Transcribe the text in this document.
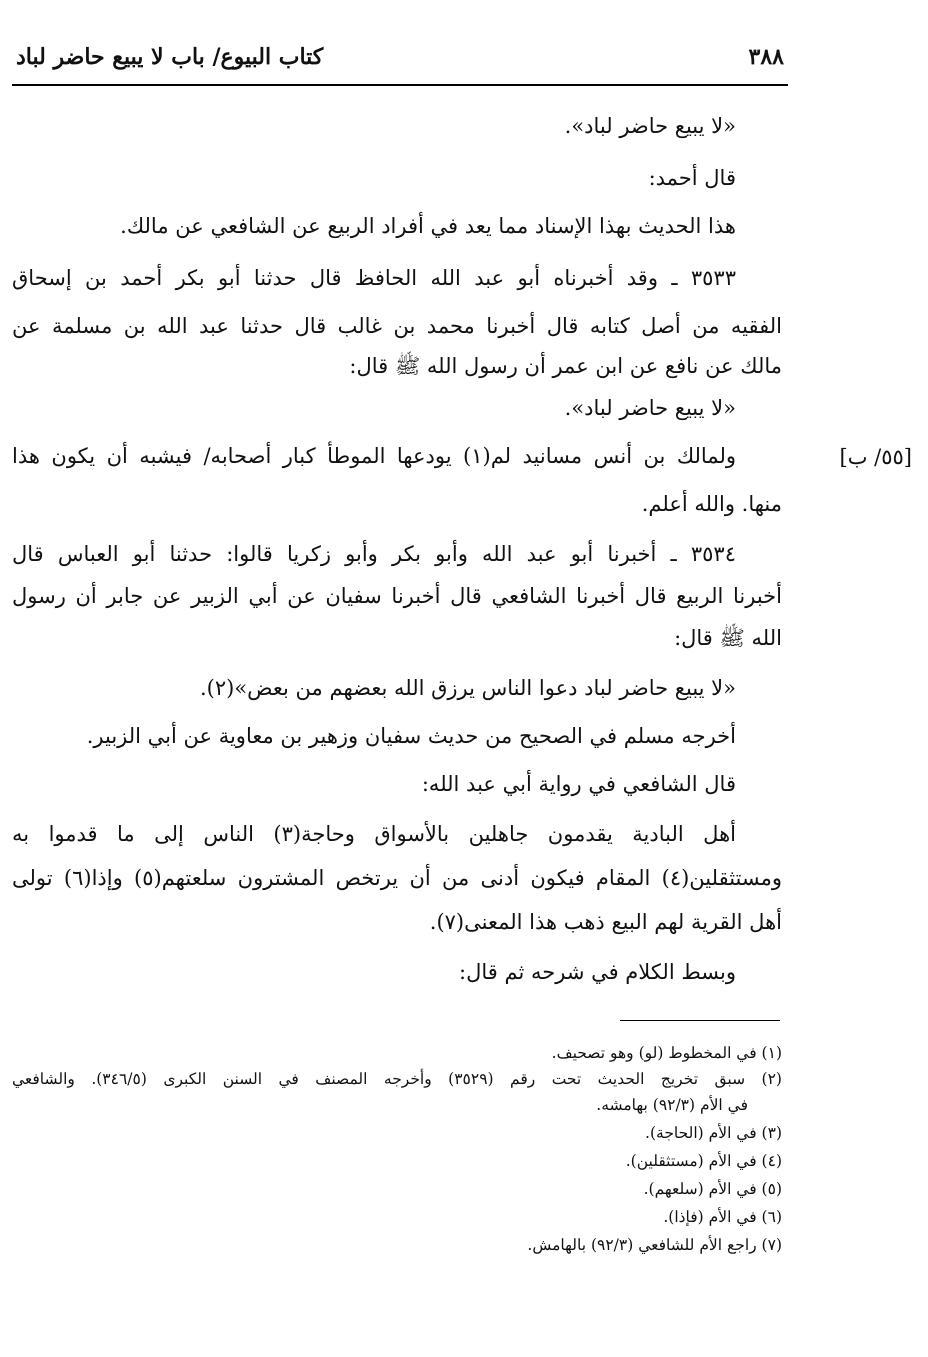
كتاب البيوع/ باب لا يبيع حاضر لباد	٣٨٨
[٥٥/ ب]
«لا يبيع حاضر لباد».
قال أحمد:
هذا الحديث بهذا الإسناد مما يعد في أفراد الربيع عن الشافعي عن مالك.
٣٥٣٣ ـ وقد أخبرناه أبو عبد الله الحافظ قال حدثنا أبو بكر أحمد بن إسحاق
الفقيه من أصل كتابه قال أخبرنا محمد بن غالب قال حدثنا عبد الله بن مسلمة عن
مالك عن نافع عن ابن عمر أن رسول الله ﷺ قال:
«لا يبيع حاضر لباد».
ولمالك بن أنس مسانيد لم(١) يودعها الموطأ كبار أصحابه/ فيشبه أن يكون هذا
منها. والله أعلم.
٣٥٣٤ ـ أخبرنا أبو عبد الله وأبو بكر وأبو زكريا قالوا: حدثنا أبو العباس قال
أخبرنا الربيع قال أخبرنا الشافعي قال أخبرنا سفيان عن أبي الزبير عن جابر أن رسول
الله ﷺ قال:
«لا يبيع حاضر لباد دعوا الناس يرزق الله بعضهم من بعض»(٢).
أخرجه مسلم في الصحيح من حديث سفيان وزهير بن معاوية عن أبي الزبير.
قال الشافعي في رواية أبي عبد الله:
أهل البادية يقدمون جاهلين بالأسواق وحاجة(٣) الناس إلى ما قدموا به
ومستثقلين(٤) المقام فيكون أدنى من أن يرتخص المشترون سلعتهم(٥) وإذا(٦) تولى
أهل القرية لهم البيع ذهب هذا المعنى(٧).
وبسط الكلام في شرحه ثم قال:
(١) في المخطوط (لو) وهو تصحيف.
(٢) سبق تخريج الحديث تحت رقم (٣٥٢٩) وأخرجه المصنف في السنن الكبرى (٣٤٦/٥). والشافعي
في الأم (٩٢/٣) بهامشه.
(٣) في الأم (الحاجة).
(٤) في الأم (مستثقلين).
(٥) في الأم (سلعهم).
(٦) في الأم (فإذا).
(٧) راجع الأم للشافعي (٩٢/٣) بالهامش.
